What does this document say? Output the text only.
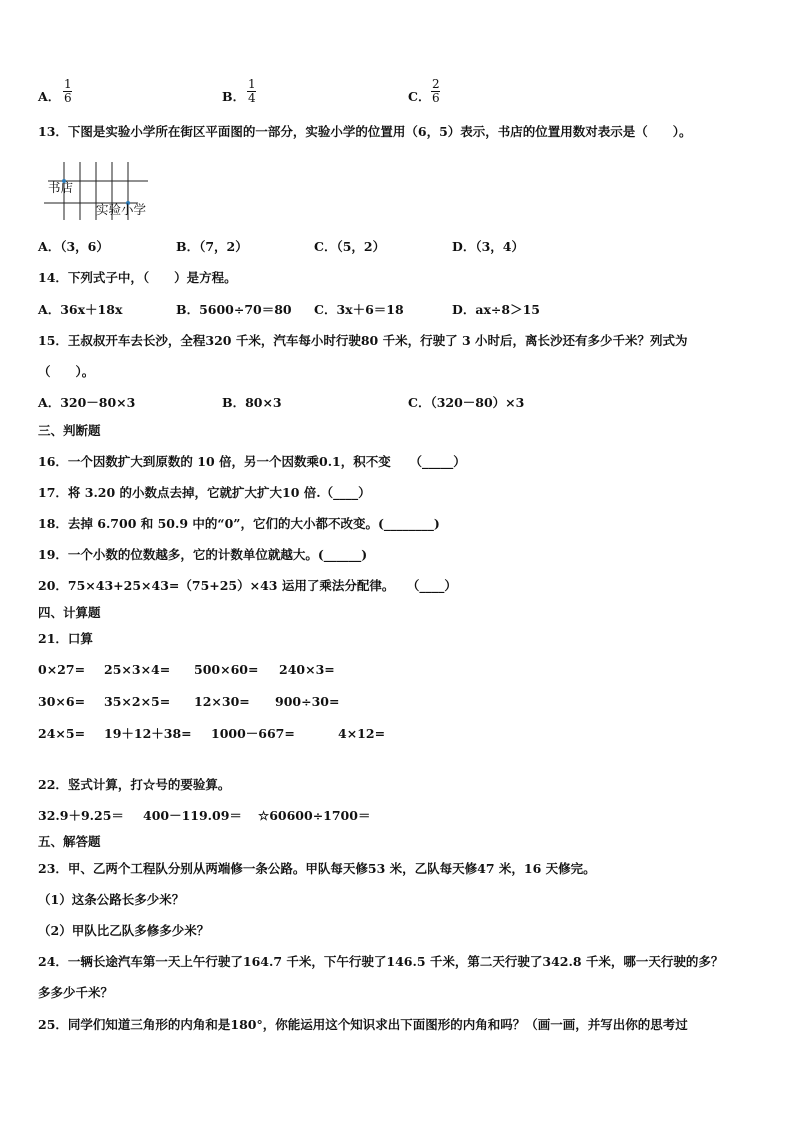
A．
1
6	B．
1
4	C．
2
6
13．下图是实验小学所在街区平面图的一部分，实验小学的位置用（6，5）表示，书店的位置用数对表示是（　　）。
书店
实验小学
A．（3，6）	B．（7，2）	C．（5，2）	D．（3，4）
14．下列式子中，（　　）是方程。
A．36x＋18x	B．5600÷70＝80 C．3x＋6＝18	D．ax÷8＞15
15．王叔叔开车去长沙，全程320 千米，汽车每小时行驶80 千米，行驶了 3 小时后，离长沙还有多少千米？列式为
（　　）。
A．320－80×3	B．80×3	C．（320－80）×3
三、判断题
16．一个因数扩大到原数的 10 倍，另一个因数乘0.1，积不变　　（_____）
17．将 3.20 的小数点去掉，它就扩大扩大10 倍.（____）
18．去掉 6.700 和 50.9 中的“0”，它们的大小都不改变。(________)
19．一个小数的位数越多，它的计数单位就越大。(______)
20．75×43+25×43=（75+25）×43 运用了乘法分配律。　　（____）
四、计算题
21．口算
0×27= 25×3×4= 500×60= 240×3=
30×6= 35×2×5= 12×30= 900÷30=
24×5= 19＋12＋38= 1000－667=	4×12=
22．竖式计算，打☆号的要验算。
32.9＋9.25＝ 400－119.09＝ ☆60600÷1700＝
五、解答题
23．甲、乙两个工程队分别从两端修一条公路。甲队每天修53 米，乙队每天修47 米，16 天修完。
（1）这条公路长多少米？
（2）甲队比乙队多修多少米？
24．一辆长途汽车第一天上午行驶了164.7 千米，下午行驶了146.5 千米，第二天行驶了342.8 千米，哪一天行驶的多？
多多少千米？
25．同学们知道三角形的内角和是180°，你能运用这个知识求出下面图形的内角和吗？（画一画，并写出你的思考过
